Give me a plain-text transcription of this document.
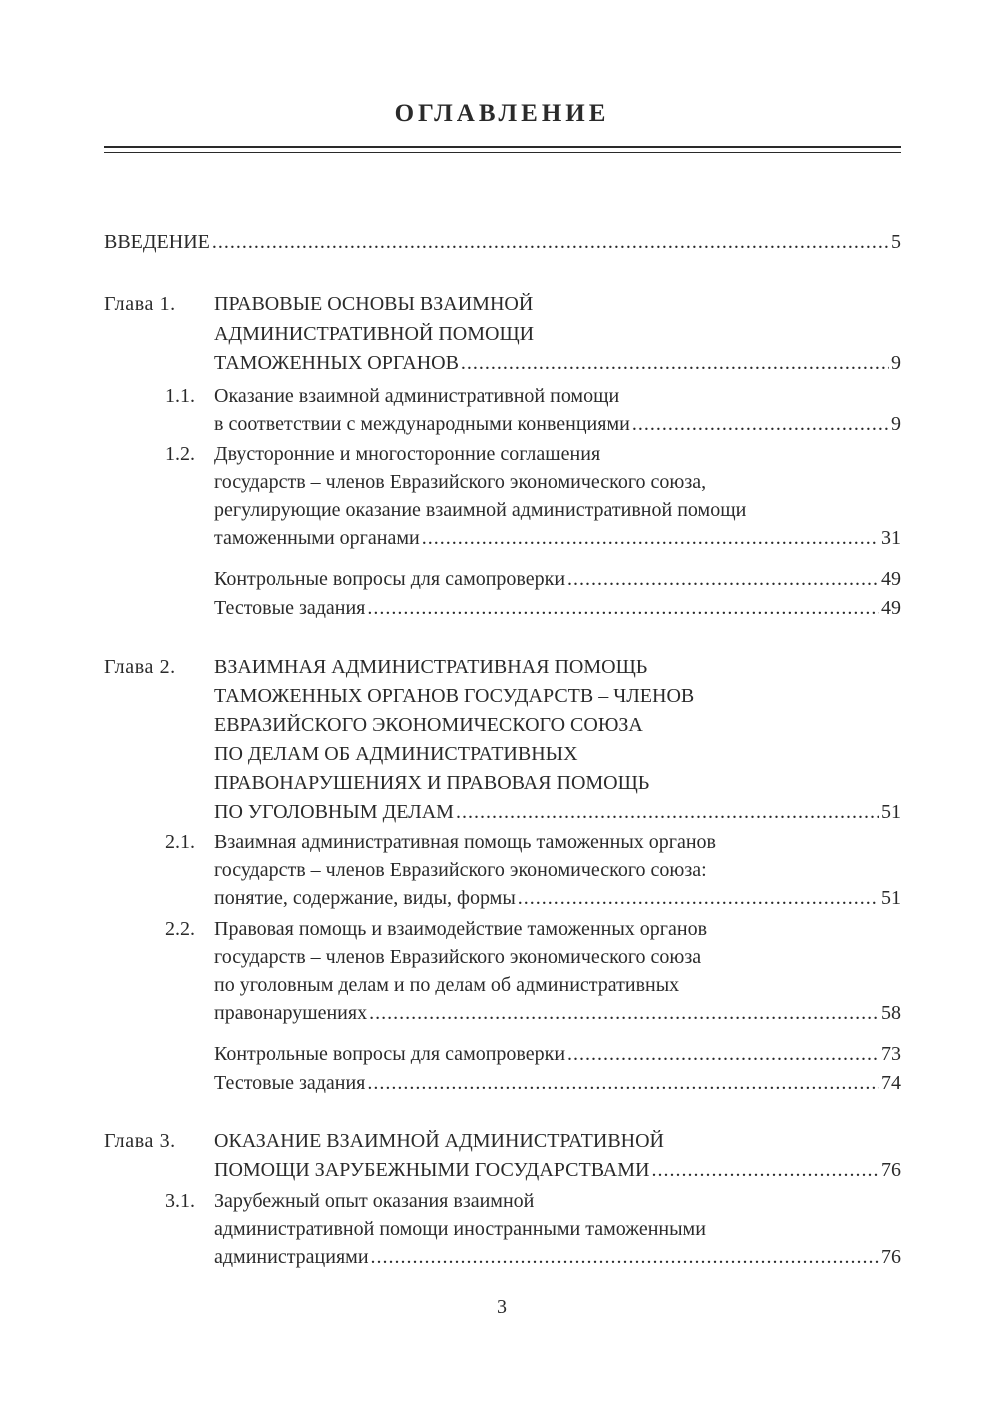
ОГЛАВЛЕНИЕ
ВВЕДЕНИЕ .....	5
Глава 1. ПРАВОВЫЕ ОСНОВЫ ВЗАИМНОЙ
АДМИНИСТРАТИВНОЙ ПОМОЩИ
ТАМОЖЕННЫХ ОРГАНОВ .....	9
1.1. Оказание взаимной административной помощи
в соответствии с международными конвенциями .....	9
1.2. Двусторонние и многосторонние соглашения
государств – членов Евразийского экономического союза,
регулирующие оказание взаимной административной помощи
таможенными органами .....	31
Контрольные вопросы для самопроверки .....	49
Тестовые задания .....	49
Глава 2. ВЗАИМНАЯ АДМИНИСТРАТИВНАЯ ПОМОЩЬ
ТАМОЖЕННЫХ ОРГАНОВ ГОСУДАРСТВ – ЧЛЕНОВ
ЕВРАЗИЙСКОГО ЭКОНОМИЧЕСКОГО СОЮЗА
ПО ДЕЛАМ ОБ АДМИНИСТРАТИВНЫХ
ПРАВОНАРУШЕНИЯХ И ПРАВОВАЯ ПОМОЩЬ
ПО УГОЛОВНЫМ ДЕЛАМ .....	51
2.1. Взаимная административная помощь таможенных органов
государств – членов Евразийского экономического союза:
понятие, содержание, виды, формы .....	51
2.2. Правовая помощь и взаимодействие таможенных органов
государств – членов Евразийского экономического союза
по уголовным делам и по делам об административных
правонарушениях .....	58
Контрольные вопросы для самопроверки .....	73
Тестовые задания .....	74
Глава 3. ОКАЗАНИЕ ВЗАИМНОЙ АДМИНИСТРАТИВНОЙ
ПОМОЩИ ЗАРУБЕЖНЫМИ ГОСУДАРСТВАМИ .....	76
3.1. Зарубежный опыт оказания взаимной
административной помощи иностранными таможенными
администрациями .....	76
3
